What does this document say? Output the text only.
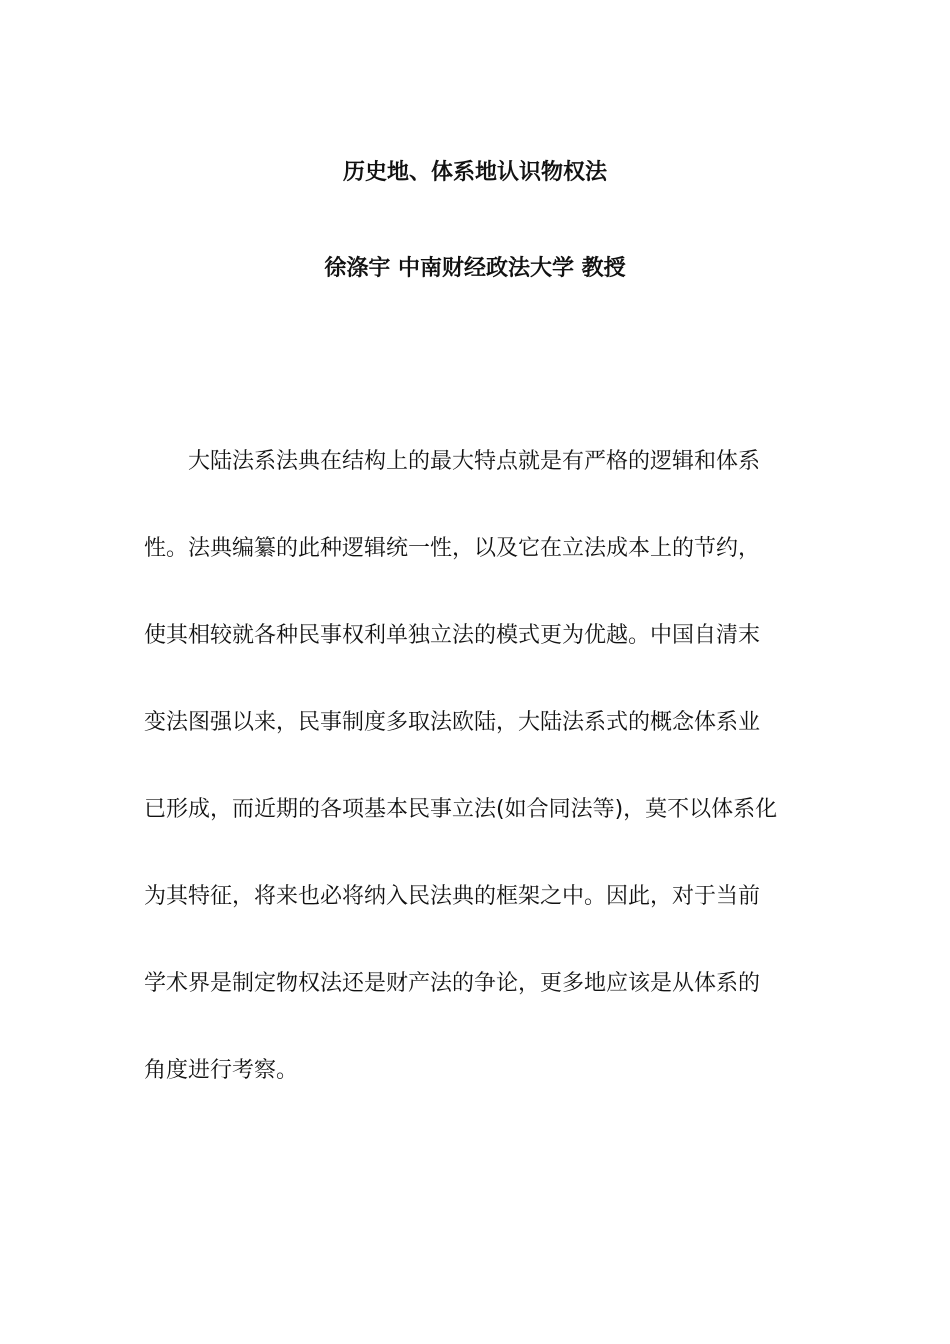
历史地、体系地认识物权法
徐涤宇 中南财经政法大学 教授

大陆法系法典在结构上的最大特点就是有严格的逻辑和体系
性。法典编纂的此种逻辑统一性，以及它在立法成本上的节约，
使其相较就各种民事权利单独立法的模式更为优越。中国自清末
变法图强以来，民事制度多取法欧陆，大陆法系式的概念体系业
已形成，而近期的各项基本民事立法(如合同法等)，莫不以体系化
为其特征，将来也必将纳入民法典的框架之中。因此，对于当前
学术界是制定物权法还是财产法的争论，更多地应该是从体系的
角度进行考察。
